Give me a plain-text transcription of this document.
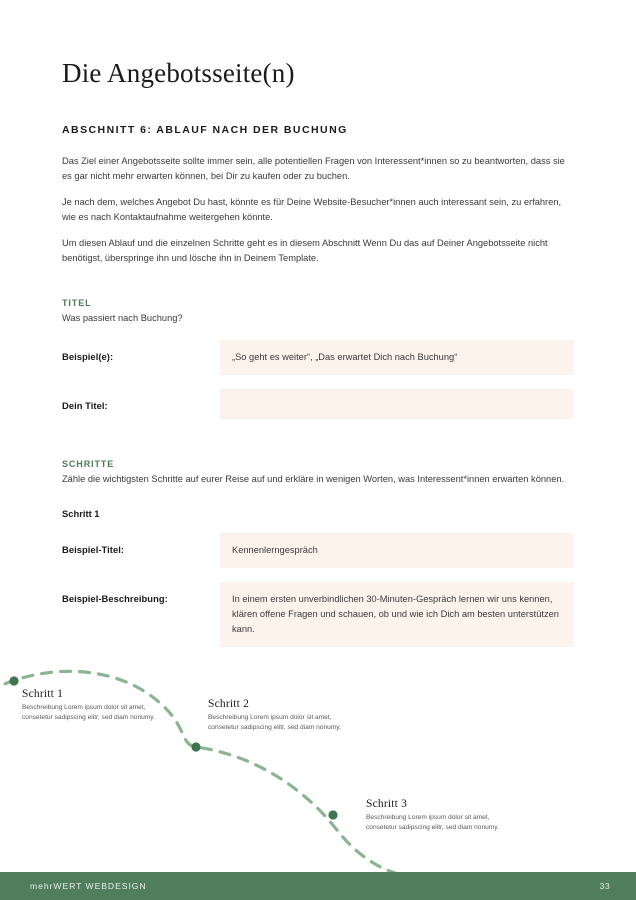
Die Angebotsseite(n)
ABSCHNITT 6: ABLAUF NACH DER BUCHUNG

Das Ziel einer Angebotsseite sollte immer sein, alle potentiellen Fragen von Interessent*innen so zu beantworten, dass sie es gar nicht mehr erwarten können, bei Dir zu kaufen oder zu buchen.

Je nach dem, welches Angebot Du hast, könnte es für Deine Website-Besucher*innen auch interessant sein, zu erfahren, wie es nach Kontaktaufnahme weitergehen könnte.

Um diesen Ablauf und die einzelnen Schritte geht es in diesem Abschnitt Wenn Du das auf Deiner Angebotsseite nicht benötigst, überspringe ihn und lösche ihn in Deinem Template.

TITEL
Was passiert nach Buchung?
Beispiel(e):	„So geht es weiter“, „Das erwartet Dich nach Buchung“
Dein Titel:
SCHRITTE
Zähle die wichtigsten Schritte auf eurer Reise auf und erkläre in wenigen Worten, was Interessent*innen erwarten können.
Schritt 1
Beispiel-Titel:	Kennenlerngespräch
Beispiel-Beschreibung:	In einem ersten unverbindlichen 30-Minuten-Gespräch lernen wir uns kennen, klären offene Fragen und schauen, ob und wie ich Dich am besten unterstützen kann.
Schritt 1

Beschreibung Lorem ipsum dolor sit amet, consetetur sadipscing elitr, sed diam nonumy.

Schritt 2

Beschreibung Lorem ipsum dolor sit amet, consetetur sadipscing elitr, sed diam nonumy.

Schritt 3

Beschreibung Lorem ipsum dolor sit amet, consetetur sadipscing elitr, sed diam nonumy.

mehrWERT WEBDESIGN	33
